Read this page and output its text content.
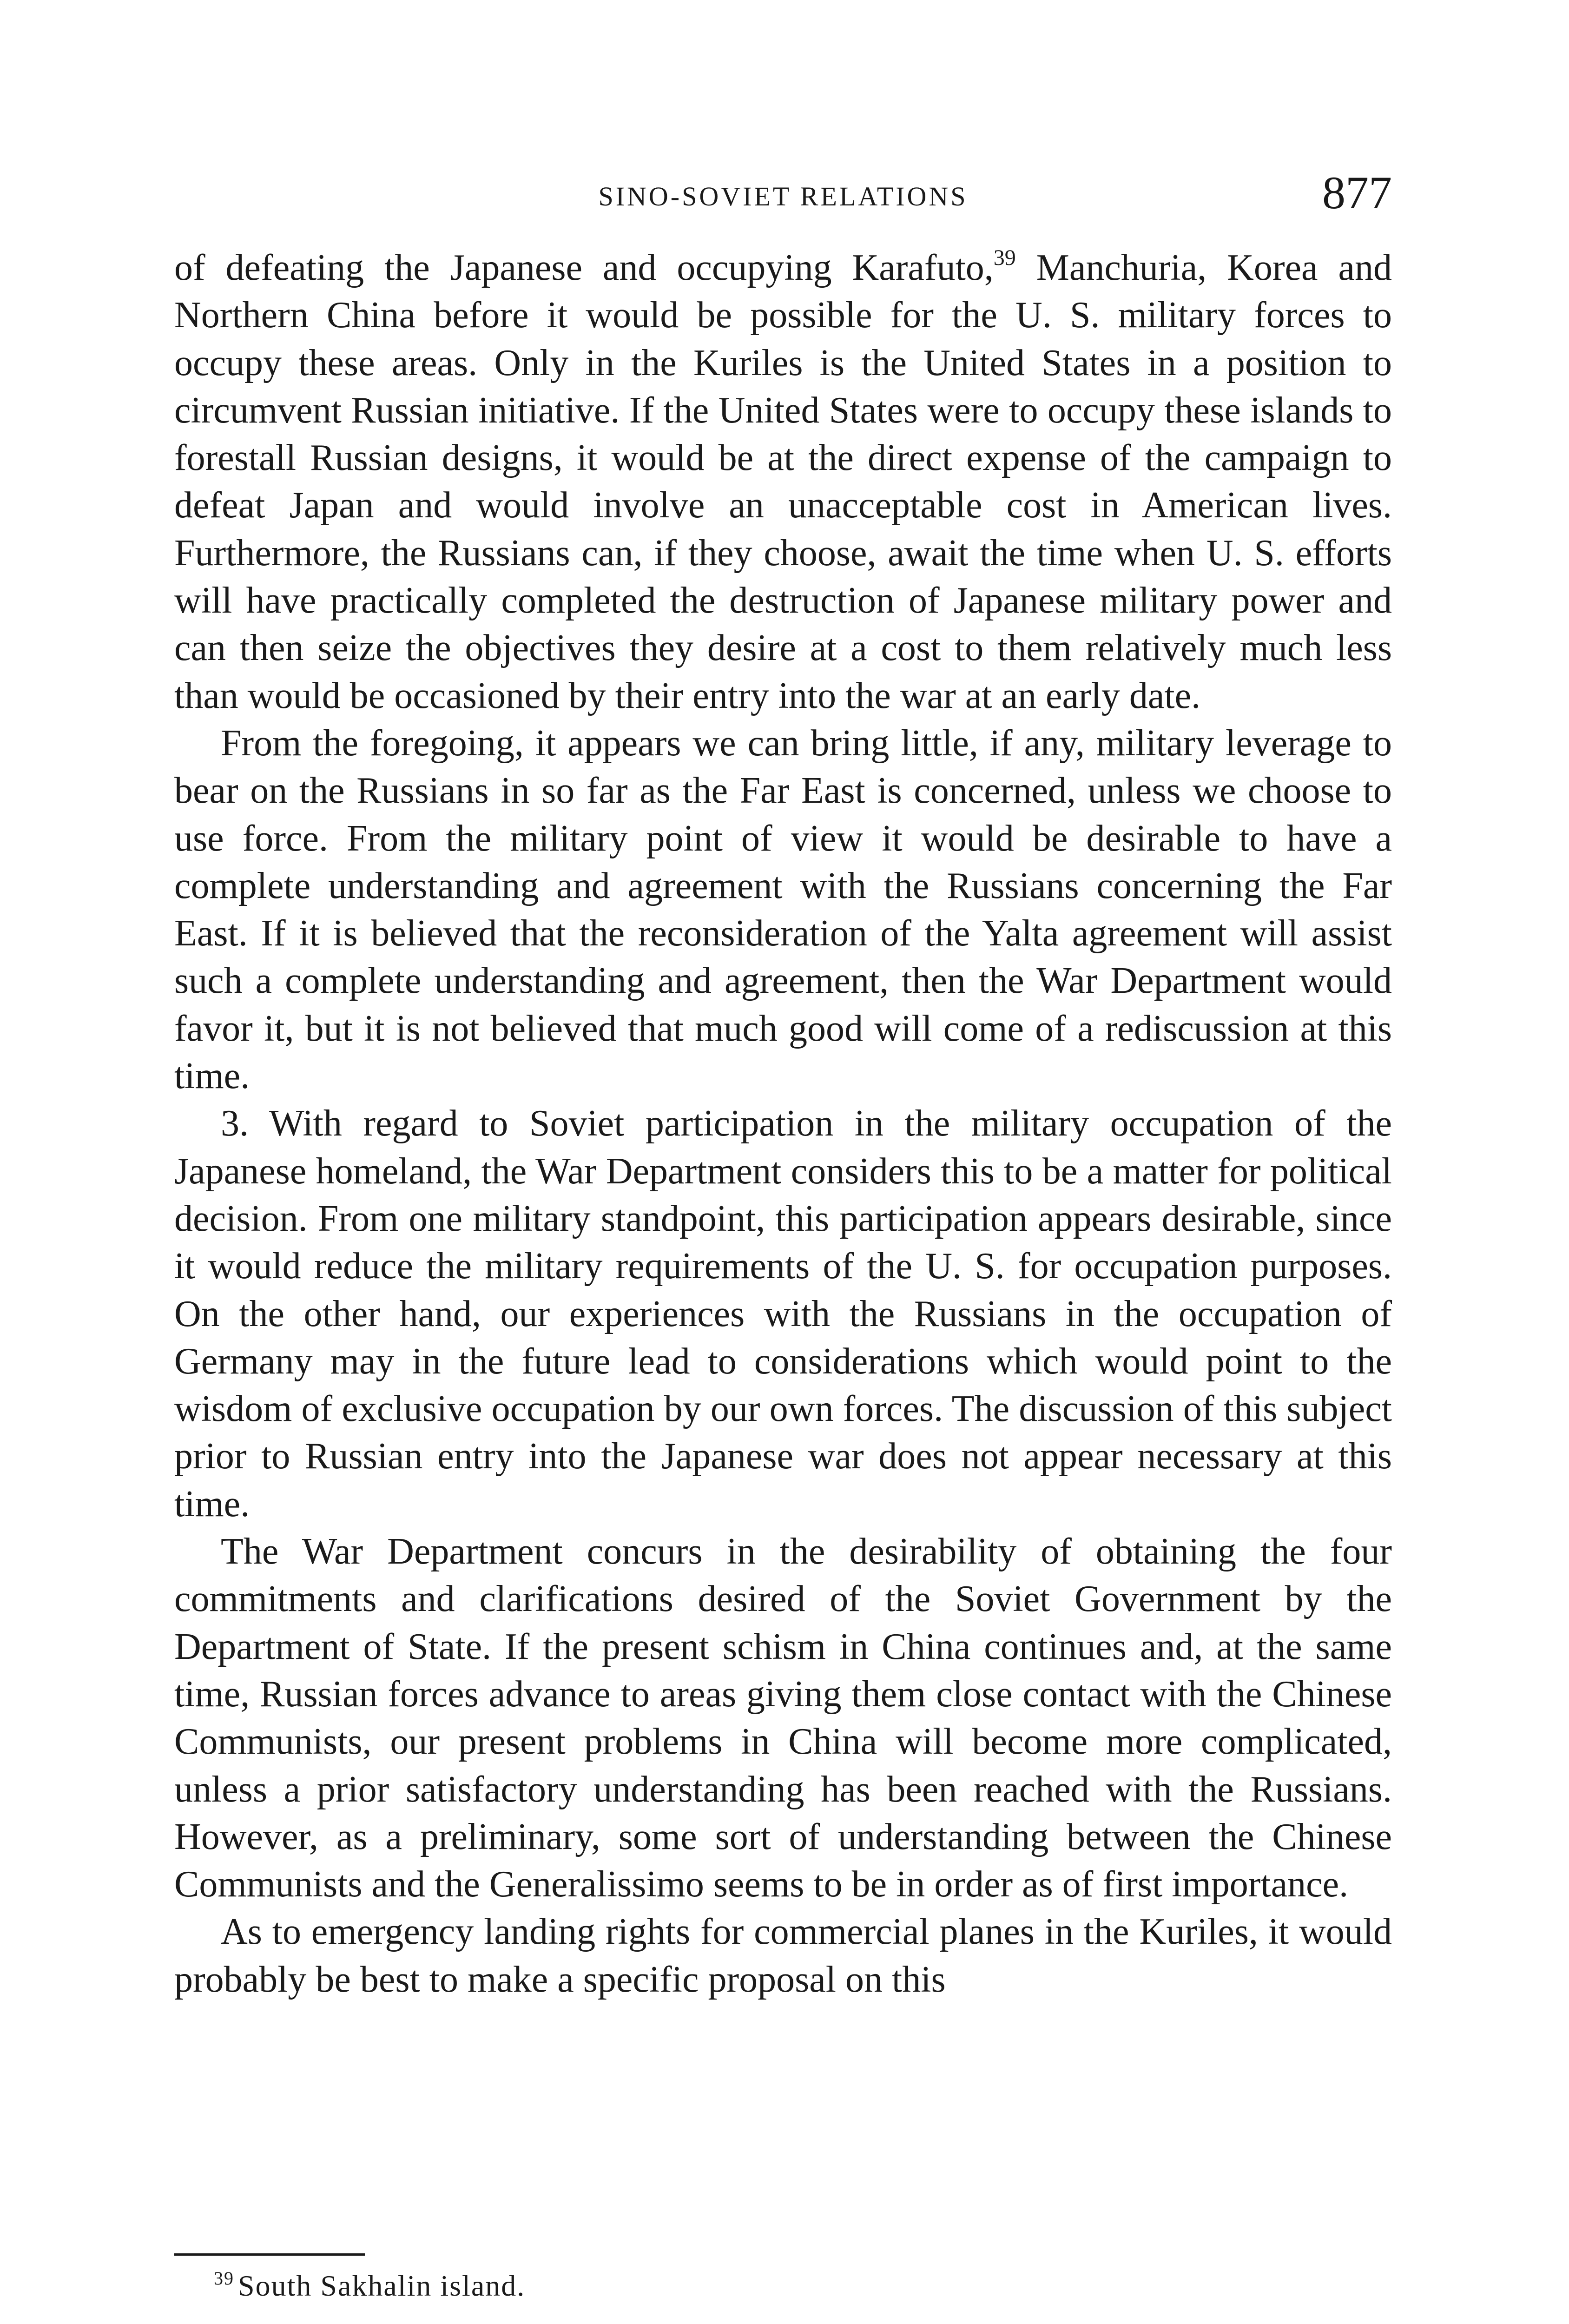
SINO-SOVIET RELATIONS	877

of defeating the Japanese and occupying Karafuto,$^{39}$ Manchuria, Korea and Northern China before it would be possible for the U. S. military forces to occupy these areas. Only in the Kuriles is the United States in a position to circumvent Russian initiative. If the United States were to occupy these islands to forestall Russian designs, it would be at the direct expense of the campaign to defeat Japan and would involve an unacceptable cost in American lives. Furthermore, the Russians can, if they choose, await the time when U. S. efforts will have practically completed the destruction of Japanese military power and can then seize the objectives they desire at a cost to them relatively much less than would be occasioned by their entry into the war at an early date.

From the foregoing, it appears we can bring little, if any, military leverage to bear on the Russians in so far as the Far East is concerned, unless we choose to use force. From the military point of view it would be desirable to have a complete understanding and agreement with the Russians concerning the Far East. If it is believed that the reconsideration of the Yalta agreement will assist such a complete understanding and agreement, then the War Department would favor it, but it is not believed that much good will come of a rediscussion at this time.

3. With regard to Soviet participation in the military occupation of the Japanese homeland, the War Department considers this to be a matter for political decision. From one military standpoint, this participation appears desirable, since it would reduce the military requirements of the U. S. for occupation purposes. On the other hand, our experiences with the Russians in the occupation of Germany may in the future lead to considerations which would point to the wisdom of exclusive occupation by our own forces. The discussion of this subject prior to Russian entry into the Japanese war does not appear necessary at this time.

The War Department concurs in the desirability of obtaining the four commitments and clarifications desired of the Soviet Government by the Department of State. If the present schism in China continues and, at the same time, Russian forces advance to areas giving them close contact with the Chinese Communists, our present problems in China will become more complicated, unless a prior satisfactory understanding has been reached with the Russians. However, as a preliminary, some sort of understanding between the Chinese Communists and the Generalissimo seems to be in order as of first importance.

As to emergency landing rights for commercial planes in the Kuriles, it would probably be best to make a specific proposal on this

$^{39}$ South Sakhalin island.
